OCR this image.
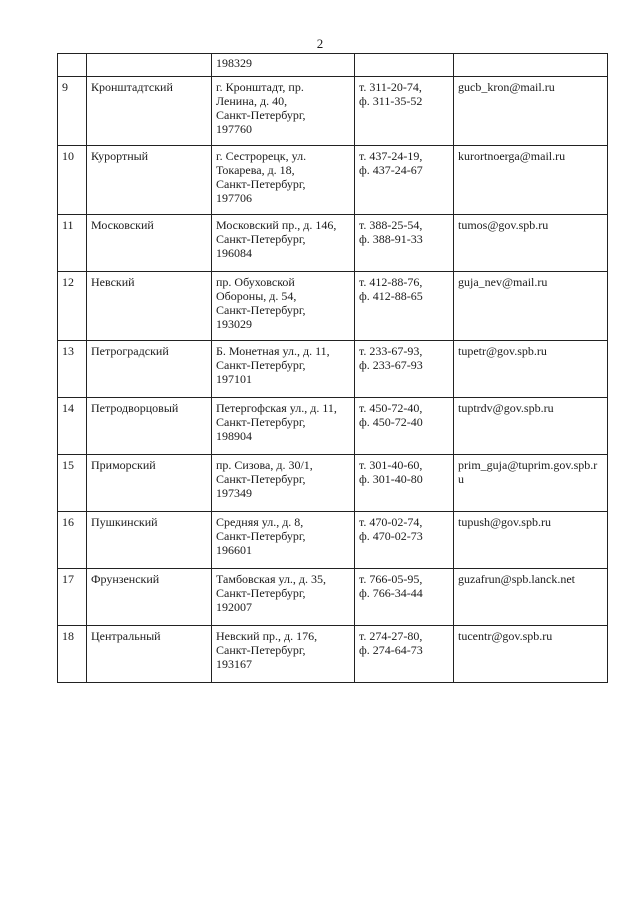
2

		198329		

9	Кронштадтский	г. Кронштадт, пр.
Ленина, д. 40,
Санкт-Петербург,
197760	т. 311-20-74,
ф. 311-35-52	gucb_kron@mail.ru

10	Курортный	г. Сестрорецк, ул.
Токарева, д. 18,
Санкт-Петербург,
197706	т. 437-24-19,
ф. 437-24-67	kurortnoerga@mail.ru

11	Московский	Московский пр., д. 146,
Санкт-Петербург,
196084	т. 388-25-54,
ф. 388-91-33	tumos@gov.spb.ru

12	Невский	пр. Обуховской
Обороны, д. 54,
Санкт-Петербург,
193029	т. 412-88-76,
ф. 412-88-65	guja_nev@mail.ru

13	Петроградский	Б. Монетная ул., д. 11,
Санкт-Петербург,
197101	т. 233-67-93,
ф. 233-67-93	tupetr@gov.spb.ru

14	Петродворцовый	Петергофская ул., д. 11,
Санкт-Петербург,
198904	т. 450-72-40,
ф. 450-72-40	tuptrdv@gov.spb.ru

15	Приморский	пр. Сизова, д. 30/1,
Санкт-Петербург,
197349	т. 301-40-60,
ф. 301-40-80	prim_guja@tuprim.gov.spb.ru

16	Пушкинский	Средняя ул., д. 8,
Санкт-Петербург,
196601	т. 470-02-74,
ф. 470-02-73	tupush@gov.spb.ru

17	Фрунзенский	Тамбовская ул., д. 35,
Санкт-Петербург,
192007	т. 766-05-95,
ф. 766-34-44	guzafrun@spb.lanck.net

18	Центральный	Невский пр., д. 176,
Санкт-Петербург,
193167	т. 274-27-80,
ф. 274-64-73	tucentr@gov.spb.ru
